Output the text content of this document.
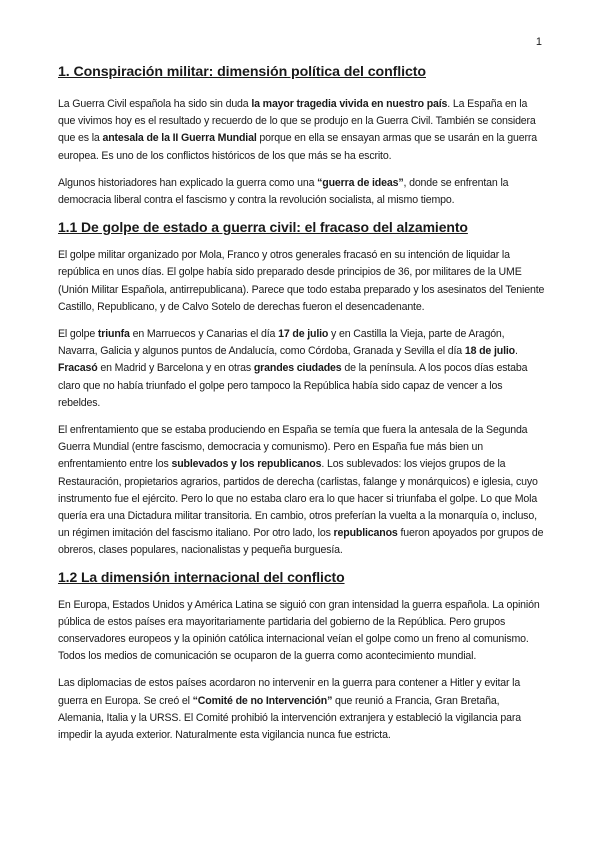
1
1. Conspiración militar: dimensión política del conflicto

La Guerra Civil española ha sido sin duda la mayor tragedia vivida en nuestro país. La España en la que vivimos hoy es el resultado y recuerdo de lo que se produjo en la Guerra Civil. También se considera que es la antesala de la II Guerra Mundial porque en ella se ensayan armas que se usarán en la guerra europea. Es uno de los conflictos históricos de los que más se ha escrito.

Algunos historiadores han explicado la guerra como una “guerra de ideas”, donde se enfrentan la democracia liberal contra el fascismo y contra la revolución socialista, al mismo tiempo.

1.1 De golpe de estado a guerra civil: el fracaso del alzamiento

El golpe militar organizado por Mola, Franco y otros generales fracasó en su intención de liquidar la república en unos días. El golpe había sido preparado desde principios de 36, por militares de la UME (Unión Militar Española, antirrepublicana). Parece que todo estaba preparado y los asesinatos del Teniente Castillo, Republicano, y de Calvo Sotelo de derechas fueron el desencadenante.

El golpe triunfa en Marruecos y Canarias el día 17 de julio y en Castilla la Vieja, parte de Aragón, Navarra, Galicia y algunos puntos de Andalucía, como Córdoba, Granada y Sevilla el día 18 de julio. Fracasó en Madrid y Barcelona y en otras grandes ciudades de la península. A los pocos días estaba claro que no había triunfado el golpe pero tampoco la República había sido capaz de vencer a los rebeldes.

El enfrentamiento que se estaba produciendo en España se temía que fuera la antesala de la Segunda Guerra Mundial (entre fascismo, democracia y comunismo). Pero en España fue más bien un enfrentamiento entre los sublevados y los republicanos. Los sublevados: los viejos grupos de la Restauración, propietarios agrarios, partidos de derecha (carlistas, falange y monárquicos) e iglesia, cuyo instrumento fue el ejército. Pero lo que no estaba claro era lo que hacer si triunfaba el golpe. Lo que Mola quería era una Dictadura militar transitoria. En cambio, otros preferían la vuelta a la monarquía o, incluso, un régimen imitación del fascismo italiano. Por otro lado, los republicanos fueron apoyados por grupos de obreros, clases populares, nacionalistas y pequeña burguesía.

1.2 La dimensión internacional del conflicto

En Europa, Estados Unidos y América Latina se siguió con gran intensidad la guerra española. La opinión pública de estos países era mayoritariamente partidaria del gobierno de la República. Pero grupos conservadores europeos y la opinión católica internacional veían el golpe como un freno al comunismo. Todos los medios de comunicación se ocuparon de la guerra como acontecimiento mundial.

Las diplomacias de estos países acordaron no intervenir en la guerra para contener a Hitler y evitar la guerra en Europa. Se creó el “Comité de no Intervención” que reunió a Francia, Gran Bretaña, Alemania, Italia y la URSS. El Comité prohibió la intervención extranjera y estableció la vigilancia para impedir la ayuda exterior. Naturalmente esta vigilancia nunca fue estricta.
